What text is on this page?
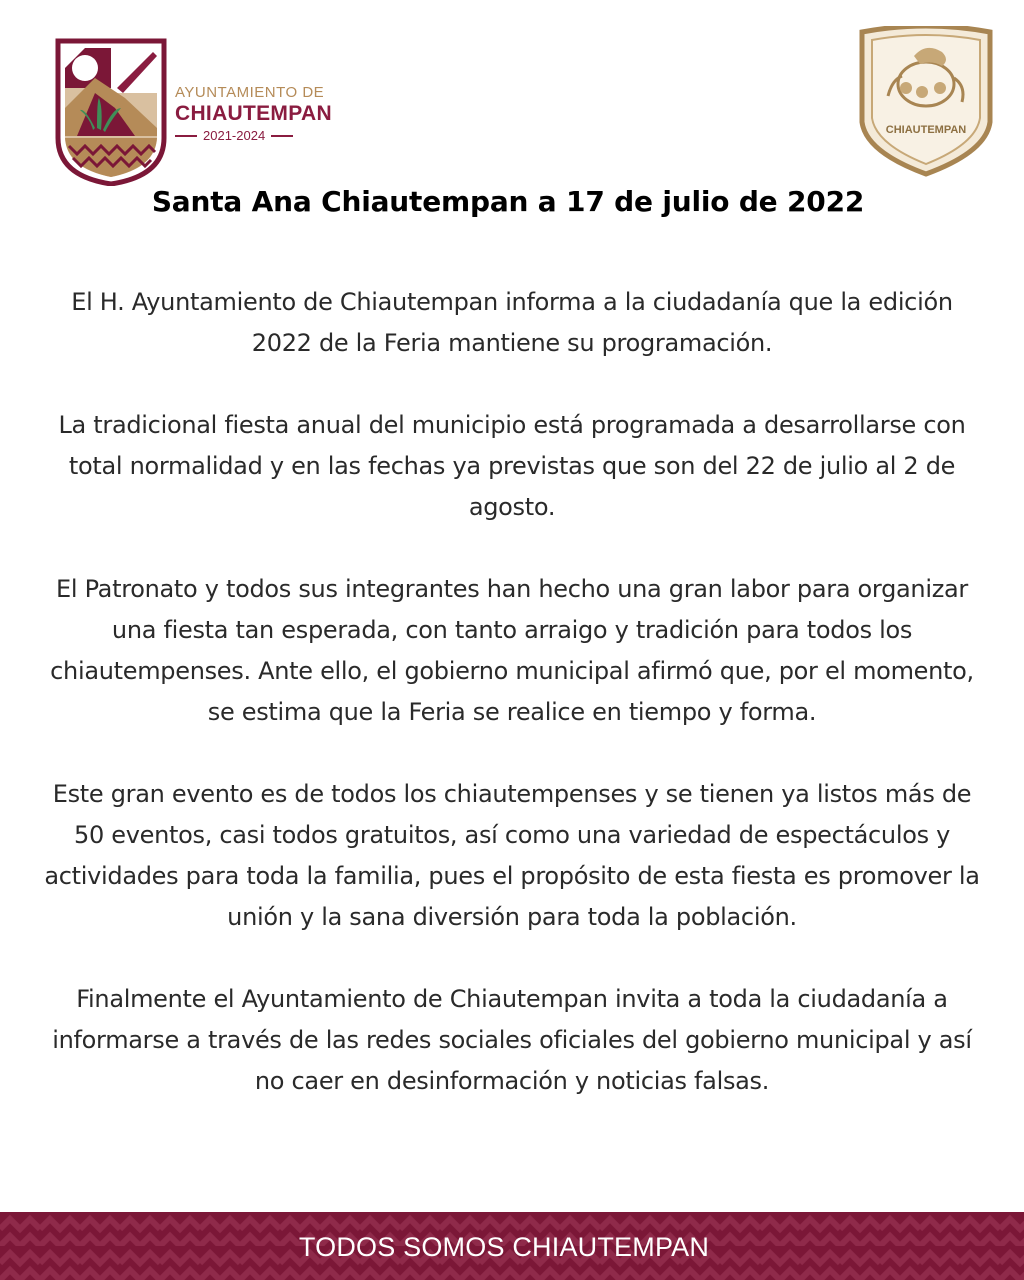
AYUNTAMIENTO DE
CHIAUTEMPAN
2021-2024	CHIAUTEMPAN
Santa Ana Chiautempan a 17 de julio de 2022

El H. Ayuntamiento de Chiautempan informa a la ciudadanía que la edición 2022 de la Feria mantiene su programación.

La tradicional fiesta anual del municipio está programada a desarrollarse con total normalidad y en las fechas ya previstas que son del 22 de julio al 2 de agosto.

El Patronato y todos sus integrantes han hecho una gran labor para organizar una fiesta tan esperada, con tanto arraigo y tradición para todos los chiautempenses. Ante ello, el gobierno municipal afirmó que, por el momento, se estima que la Feria se realice en tiempo y forma.

Este gran evento es de todos los chiautempenses y se tienen ya listos más de 50 eventos, casi todos gratuitos, así como una variedad de espectáculos y actividades para toda la familia, pues el propósito de esta fiesta es promover la unión y la sana diversión para toda la población.

Finalmente el Ayuntamiento de Chiautempan invita a toda la ciudadanía a informarse a través de las redes sociales oficiales del gobierno municipal y así no caer en desinformación y noticias falsas.

TODOS SOMOS CHIAUTEMPAN
